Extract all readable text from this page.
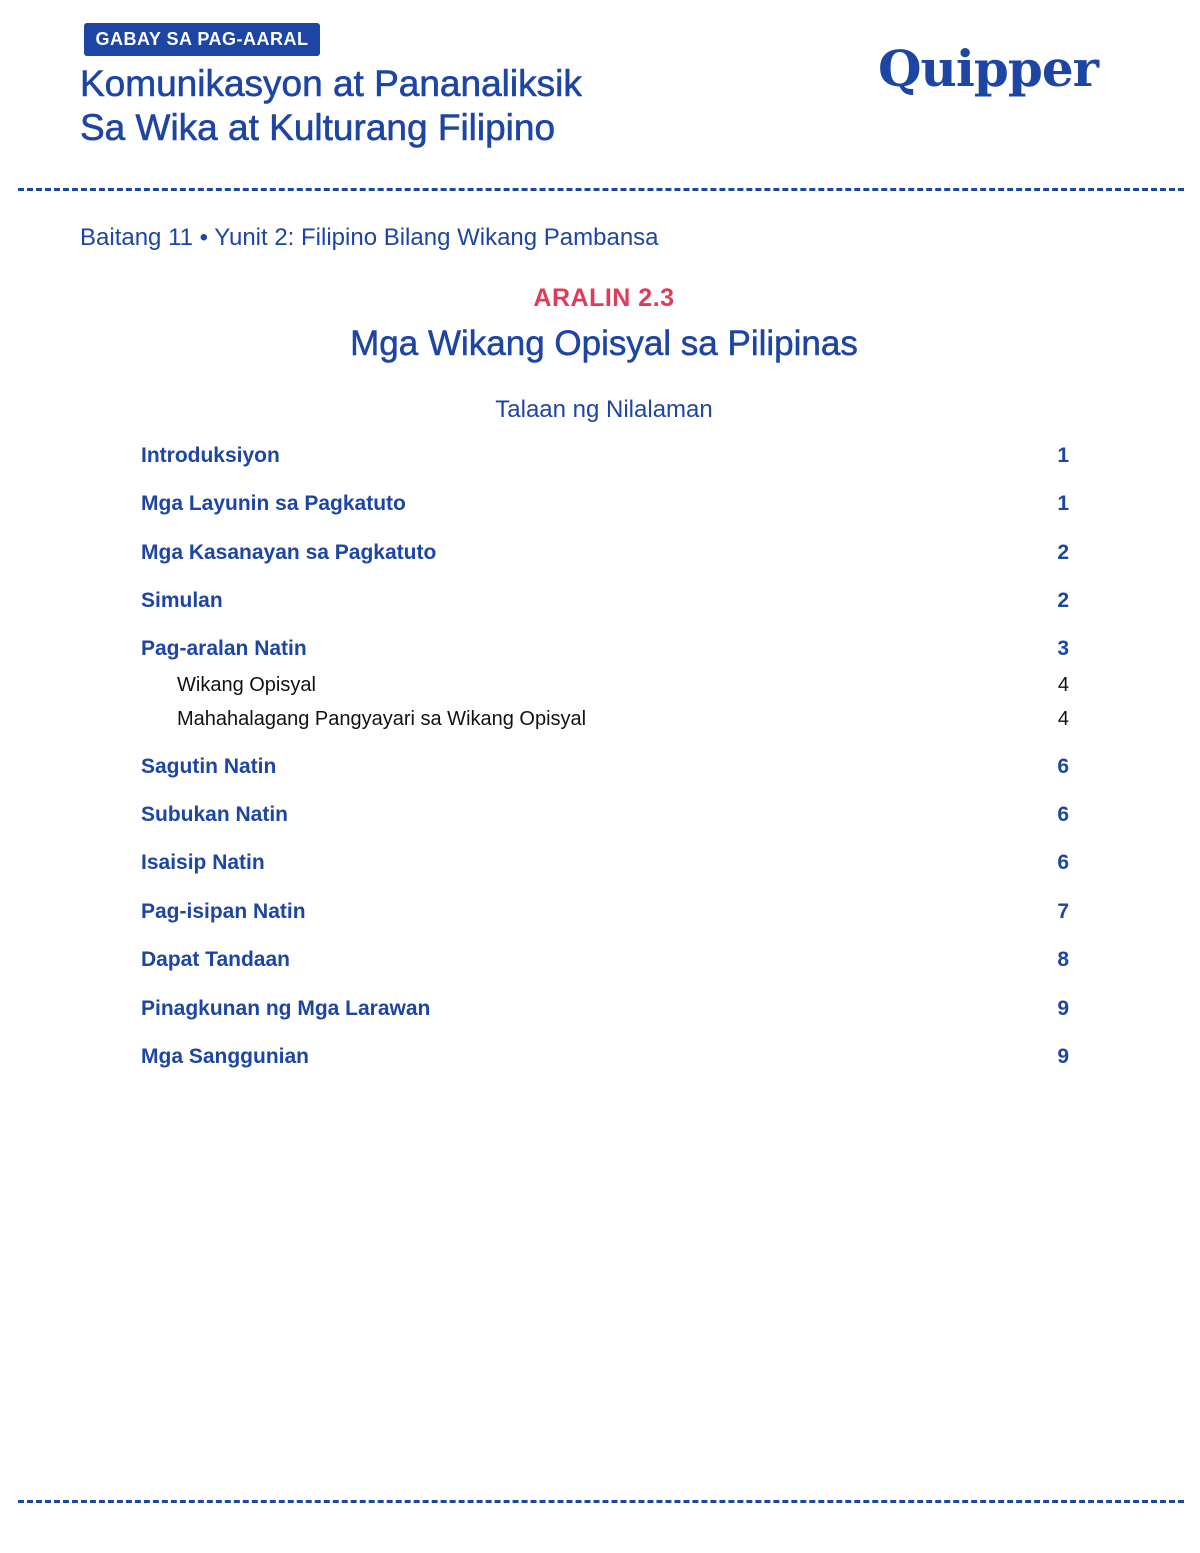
GABAY SA PAG-AARAL
Komunikasyon at Pananaliksik
Sa Wika at Kulturang Filipino
Quipper
Baitang 11 • Yunit 2: Filipino Bilang Wikang Pambansa
ARALIN 2.3
Mga Wikang Opisyal sa Pilipinas
Talaan ng Nilalaman
Introduksiyon	1
Mga Layunin sa Pagkatuto	1
Mga Kasanayan sa Pagkatuto	2
Simulan	2
Pag-aralan Natin	3
Wikang Opisyal	4
Mahahalagang Pangyayari sa Wikang Opisyal	4
Sagutin Natin	6
Subukan Natin	6
Isaisip Natin	6
Pag-isipan Natin	7
Dapat Tandaan	8
Pinagkunan ng Mga Larawan	9
Mga Sanggunian	9
